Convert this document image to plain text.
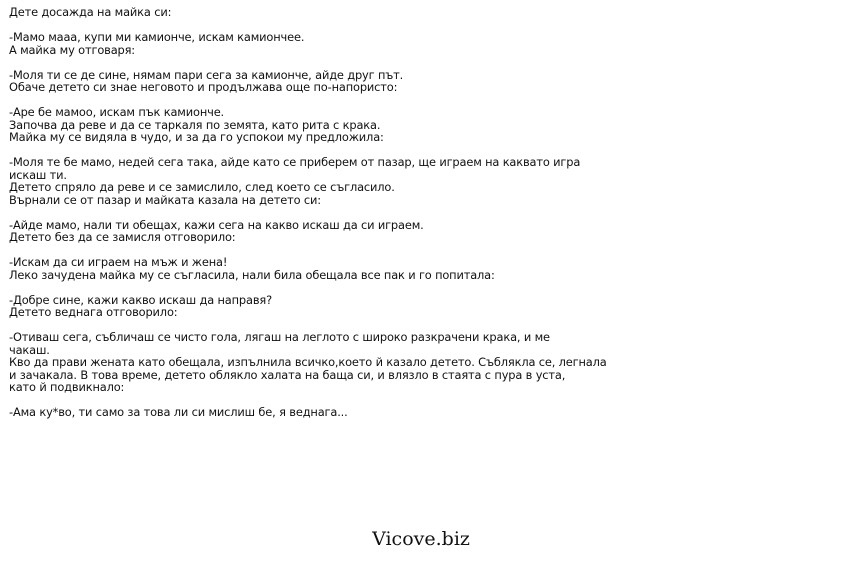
Дете досажда на майка си:
-Мамо мааа, купи ми камионче, искам камиончее.
А майка му отговаря:
-Моля ти се де сине, нямам пари сега за камионче, айде друг път.
Обаче детето си знае неговото и продължава още по-напористо:
-Аре бе мамоо, искам пък камионче.
Започва да реве и да се таркаля по земята, като рита с крака.
Майка му се видяла в чудо, и за да го успокои му предложила:
-Моля те бе мамо, недей сега така, айде като се приберем от пазар, ще играем на каквато игра
искаш ти.
Детето спряло да реве и се замислило, след което се съгласило.
Върнали се от пазар и майката казала на детето си:
-Айде мамо, нали ти обещах, кажи сега на какво искаш да си играем.
Детето без да се замисля отговорило:
-Искам да си играем на мъж и жена!
Леко зачудена майка му се съгласила, нали била обещала все пак и го попитала:
-Добре сине, кажи какво искаш да направя?
Детето веднага отговорило:
-Отиваш сега, събличаш се чисто гола, лягаш на леглото с широко разкрачени крака, и ме
чакаш.
Кво да прави жената като обещала, изпълнила всичко,което й казало детето. Съблякла се, легнала
и зачакала. В това време, детето облякло халата на баща си, и влязло в стаята с пура в уста,
като й подвикнало:
-Ама ку*во, ти само за това ли си мислиш бе, я веднага...
Vicove.biz
